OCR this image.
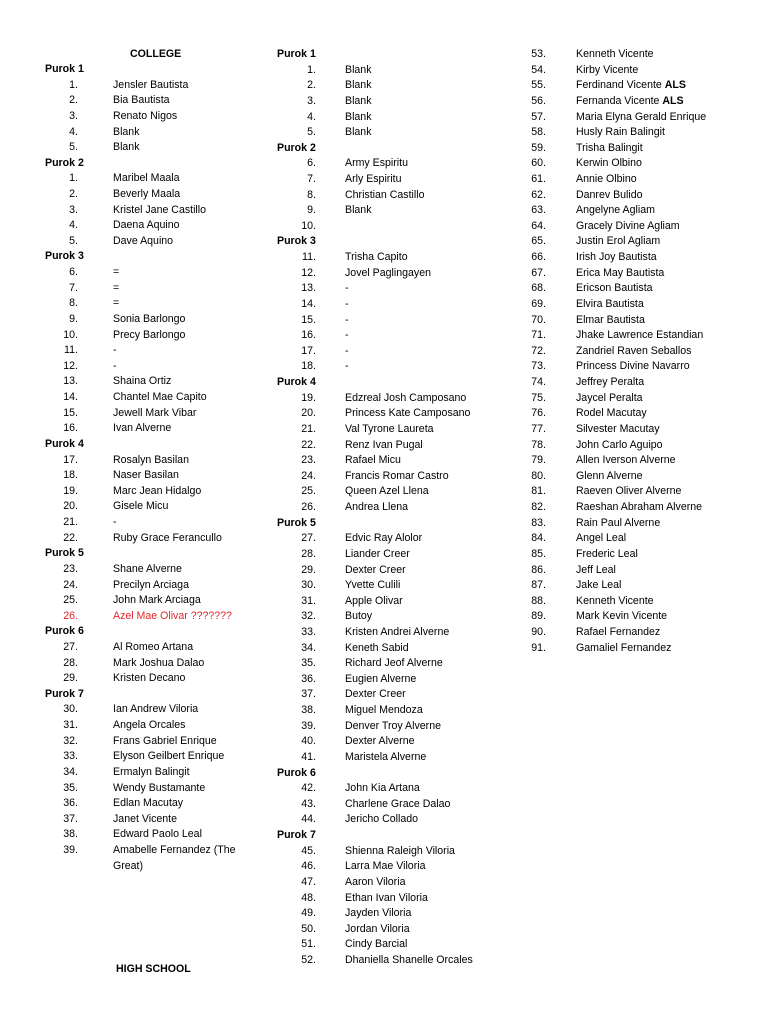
Purok 1
1.	Jensler Bautista
2.	Bia Bautista
3.	Renato Nigos
4.	Blank
5.	Blank
Purok 2
1.	Maribel Maala
2.	Beverly Maala
3.	Kristel Jane Castillo
4.	Daena Aquino
5.	Dave Aquino
Purok 3
6.	=
7.	=
8.	=
9.	Sonia Barlongo
10.	Precy Barlongo
11.	-
12.	-
13.	Shaina Ortiz
14.	Chantel Mae Capito
15.	Jewell Mark Vibar
16.	Ivan Alverne
Purok 4
17.	Rosalyn Basilan
18.	Naser Basilan
19.	Marc Jean Hidalgo
20.	Gisele Micu
21.	-
22.	Ruby Grace Ferancullo
Purok 5
23.	Shane Alverne
24.	Precilyn Arciaga
25.	John Mark Arciaga
26.	Azel Mae Olivar ???????
Purok 6
27.	Al Romeo Artana
28.	Mark Joshua Dalao
29.	Kristen Decano
Purok 7
30.	Ian Andrew Viloria
31.	Angela Orcales
32.	Frans Gabriel Enrique
33.	Elyson Geilbert Enrique
34.	Ermalyn Balingit
35.	Wendy Bustamante
36.	Edlan Macutay
37.	Janet Vicente
38.	Edward Paolo Leal
39.	Amabelle Fernandez (The
Great)
Purok 1
1.	Blank
2.	Blank
3.	Blank
4.	Blank
5.	Blank
Purok 2
6.	Army Espiritu
7.	Arly Espiritu
8.	Christian Castillo
9.	Blank
10.
Purok 3
11.	Trisha Capito
12.	Jovel Paglingayen
13.	-
14.	-
15.	-
16.	-
17.	-
18.	-
Purok 4
19.	Edzreal Josh Camposano
20.	Princess Kate Camposano
21.	Val Tyrone Laureta
22.	Renz Ivan Pugal
23.	Rafael Micu
24.	Francis Romar Castro
25.	Queen Azel Llena
26.	Andrea Llena
Purok 5
27.	Edvic Ray Alolor
28.	Liander Creer
29.	Dexter Creer
30.	Yvette Culili
31.	Apple Olivar
32.	Butoy
33.	Kristen Andrei Alverne
34.	Keneth Sabid
35.	Richard Jeof Alverne
36.	Eugien Alverne
37.	Dexter Creer
38.	Miguel Mendoza
39.	Denver Troy Alverne
40.	Dexter Alverne
41.	Maristela Alverne
Purok 6
42.	John Kia Artana
43.	Charlene Grace Dalao
44.	Jericho Collado
Purok 7
45.	Shienna Raleigh Viloria
46.	Larra Mae Viloria
47.	Aaron Viloria
48.	Ethan Ivan Viloria
49.	Jayden Viloria
50.	Jordan Viloria
51.	Cindy Barcial
52.	Dhaniella Shanelle Orcales
53.	Kenneth Vicente
54.	Kirby Vicente
55.	Ferdinand Vicente ALS
56.	Fernanda Vicente ALS
57.	Maria Elyna Gerald Enrique
58.	Husly Rain Balingit
59.	Trisha Balingit
60.	Kerwin Olbino
61.	Annie Olbino
62.	Danrev Bulido
63.	Angelyne Agliam
64.	Gracely Divine Agliam
65.	Justin Erol Agliam
66.	Irish Joy Bautista
67.	Erica May Bautista
68.	Ericson Bautista
69.	Elvira Bautista
70.	Elmar Bautista
71.	Jhake Lawrence Estandian
72.	Zandriel Raven Seballos
73.	Princess Divine Navarro
74.	Jeffrey Peralta
75.	Jaycel Peralta
76.	Rodel Macutay
77.	Silvester Macutay
78.	John Carlo Aguipo
79.	Allen Iverson Alverne
80.	Glenn Alverne
81.	Raeven Oliver Alverne
82.	Raeshan Abraham Alverne
83.	Rain Paul Alverne
84.	Angel Leal
85.	Frederic Leal
86.	Jeff Leal
87.	Jake Leal
88.	Kenneth Vicente
89.	Mark Kevin Vicente
90.	Rafael Fernandez
91.	Gamaliel Fernandez
COLLEGE
HIGH SCHOOL
